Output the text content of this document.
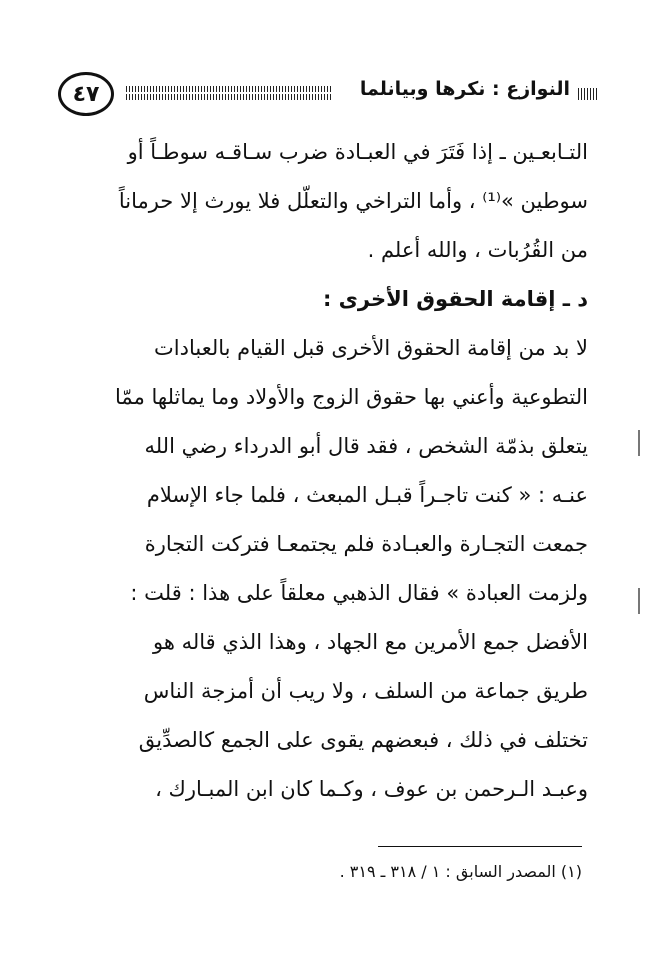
٤٧	النوازع : نكرها وبيانلما
التـابعـين ـ إذا فَتَرَ في العبـادة ضرب سـاقـه سوطـاً أو
سوطين »⁽¹⁾ ، وأما التراخي والتعلّل فلا يورث إلا حرماناً
من القُرُبات ، والله أعلم .
د ـ إقامة الحقوق الأخرى :
لا بد من إقامة الحقوق الأخرى قبل القيام بالعبادات
التطوعية وأعني بها حقوق الزوج والأولاد وما يماثلها ممّا
يتعلق بذمّة الشخص ، فقد قال أبو الدرداء رضي الله
عنـه : « كنت تاجـراً قبـل المبعث ، فلما جاء الإسلام
جمعت التجـارة والعبـادة فلم يجتمعـا فتركت التجارة
ولزمت العبادة » فقال الذهبي معلقاً على هذا : قلت :
الأفضل جمع الأمرين مع الجهاد ، وهذا الذي قاله هو
طريق جماعة من السلف ، ولا ريب أن أمزجة الناس
تختلف في ذلك ، فبعضهم يقوى على الجمع كالصدِّيق
وعبـد الـرحمن بن عوف ، وكـما كان ابن المبـارك ،
(١) المصدر السابق : ١ / ٣١٨ ـ ٣١٩ .
